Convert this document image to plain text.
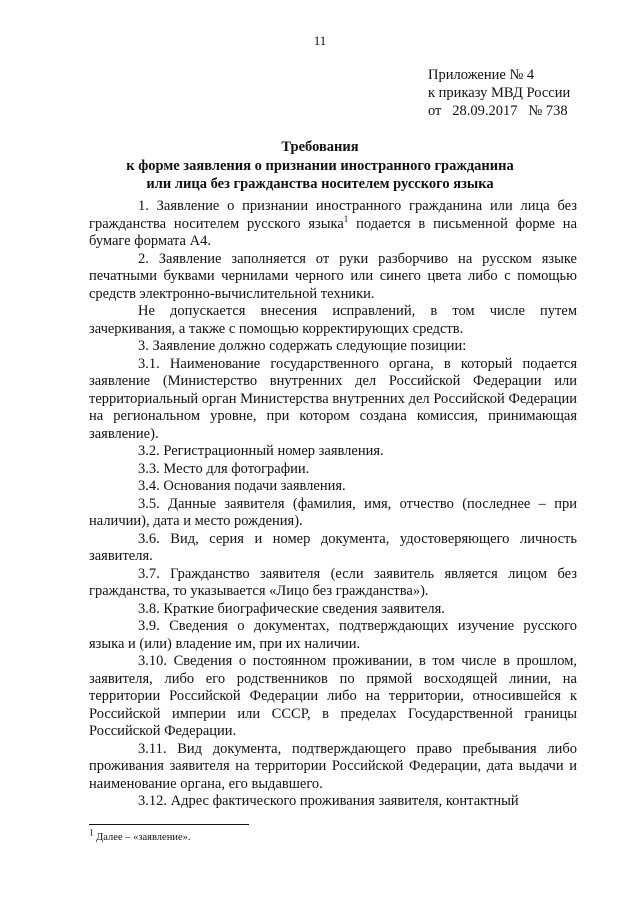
11
Приложение № 4
к приказу МВД России
от   28.09.2017   № 738
Требования
к форме заявления о признании иностранного гражданина
или лица без гражданства носителем русского языка

1. Заявление о признании иностранного гражданина или лица без гражданства носителем русского языка$^1$ подается в письменной форме на бумаге формата А4.

2. Заявление заполняется от руки разборчиво на русском языке печатными буквами чернилами черного или синего цвета либо с помощью средств электронно-вычислительной техники.

Не допускается внесения исправлений, в том числе путем зачеркивания, а также с помощью корректирующих средств.

3. Заявление должно содержать следующие позиции:

3.1. Наименование государственного органа, в который подается заявление (Министерство внутренних дел Российской Федерации или территориальный орган Министерства внутренних дел Российской Федерации на региональном уровне, при котором создана комиссия, принимающая заявление).

3.2. Регистрационный номер заявления.

3.3. Место для фотографии.

3.4. Основания подачи заявления.

3.5. Данные заявителя (фамилия, имя, отчество (последнее – при наличии), дата и место рождения).

3.6. Вид, серия и номер документа, удостоверяющего личность заявителя.

3.7. Гражданство заявителя (если заявитель является лицом без гражданства, то указывается «Лицо без гражданства»).

3.8. Краткие биографические сведения заявителя.

3.9. Сведения о документах, подтверждающих изучение русского языка и (или) владение им, при их наличии.

3.10. Сведения о постоянном проживании, в том числе в прошлом, заявителя, либо его родственников по прямой восходящей линии, на территории Российской Федерации либо на территории, относившейся к Российской империи или СССР, в пределах Государственной границы Российской Федерации.

3.11. Вид документа, подтверждающего право пребывания либо проживания заявителя на территории Российской Федерации, дата выдачи и наименование органа, его выдавшего.

3.12. Адрес фактического проживания заявителя, контактный

$^1$ Далее – «заявление».
